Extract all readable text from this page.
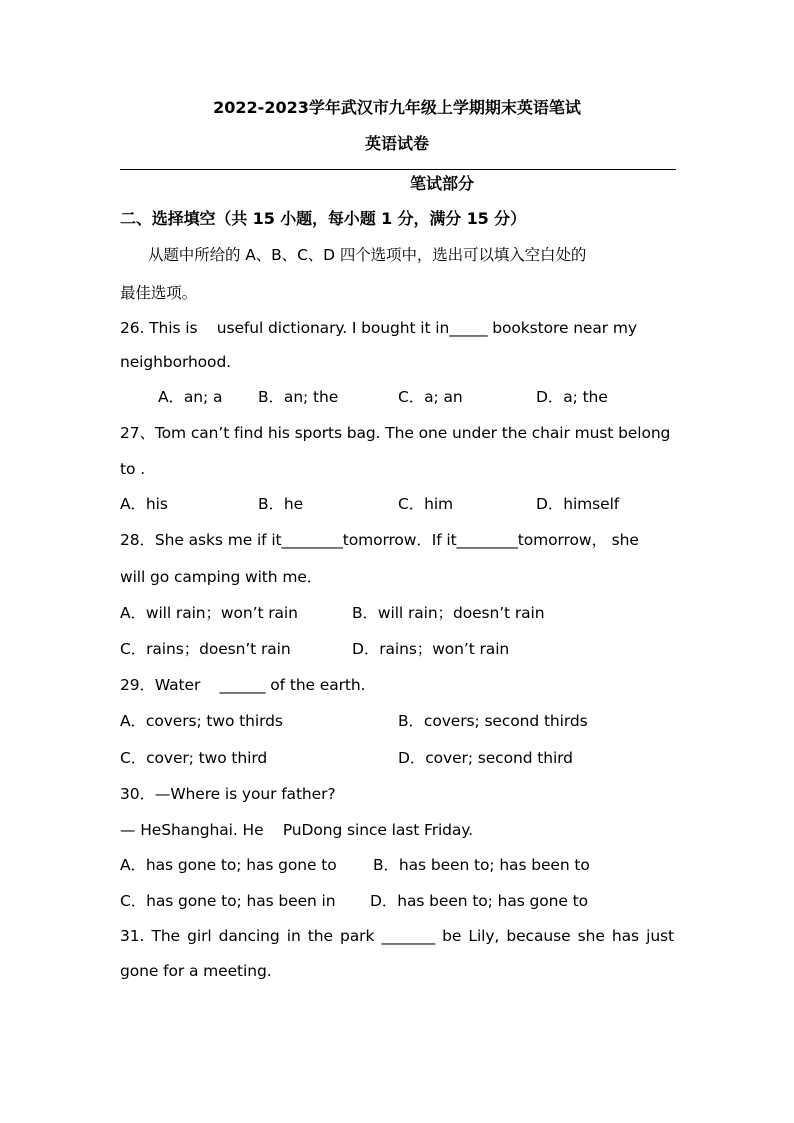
2022-2023学年武汉市九年级上学期期末英语笔试
英语试卷
笔试部分
二、选择填空（共 15 小题，每小题 1 分，满分 15 分）
从题中所给的 A、B、C、D 四个选项中，选出可以填入空白处的
最佳选项。
26. This is    useful dictionary. I bought it in_____ bookstore near my
neighborhood.
A．an; a B．an; the	C．a; an	D．a; the
27、Tom can’t find his sports bag. The one under the chair must belong
to .
A．his	B．he	C．him	D．himself
28．She asks me if it________tomorrow．If it________tomorrow， she
will go camping with me．
A．will rain；won’t rain	B．will rain；doesn’t rain
C．rains；doesn’t rain	D．rains；won’t rain
29．Water    ______ of the earth.
A．covers; two thirds	B．covers; second thirds
C．cover; two third	D．cover; second third
30．—Where is your father?
— HeShanghai. He    PuDong since last Friday.
A．has gone to; has gone to B．has been to; has been to
C．has gone to; has been in D．has been to; has gone to
31. The girl dancing in the park _______ be Lily, because she has just
gone for a meeting.
